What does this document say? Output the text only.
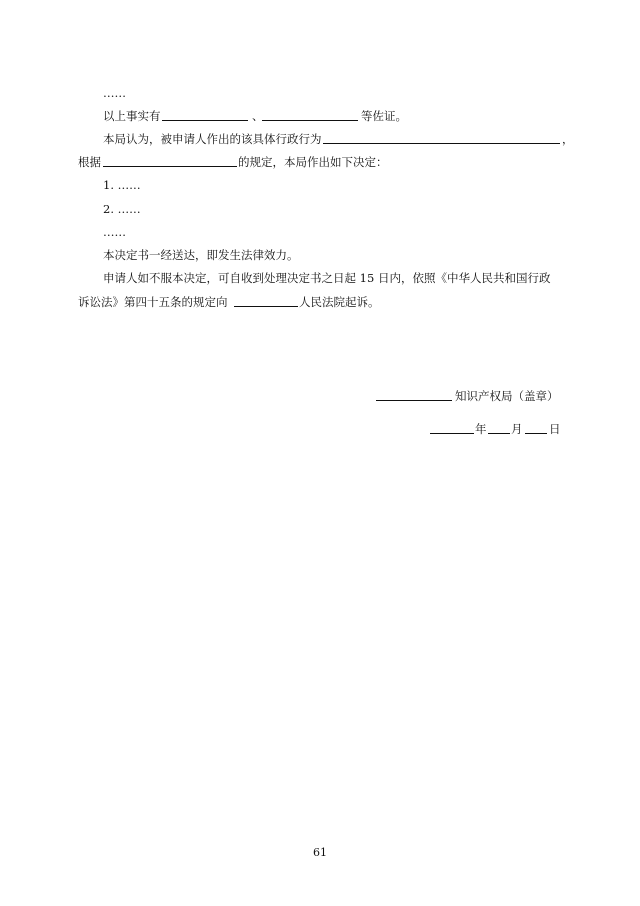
……
以上事实有	、	等佐证。
本局认为，被申请人作出的该具体行政行为	，
根据	的规定，本局作出如下决定：
1. ……
2. ……
……
本决定书一经送达，即发生法律效力。
申请人如不服本决定，可自收到处理决定书之日起 15 日内，依照《中华人民共和国行政
诉讼法》第四十五条的规定向	人民法院起诉。
知识产权局（盖章）
年 月 日
61
